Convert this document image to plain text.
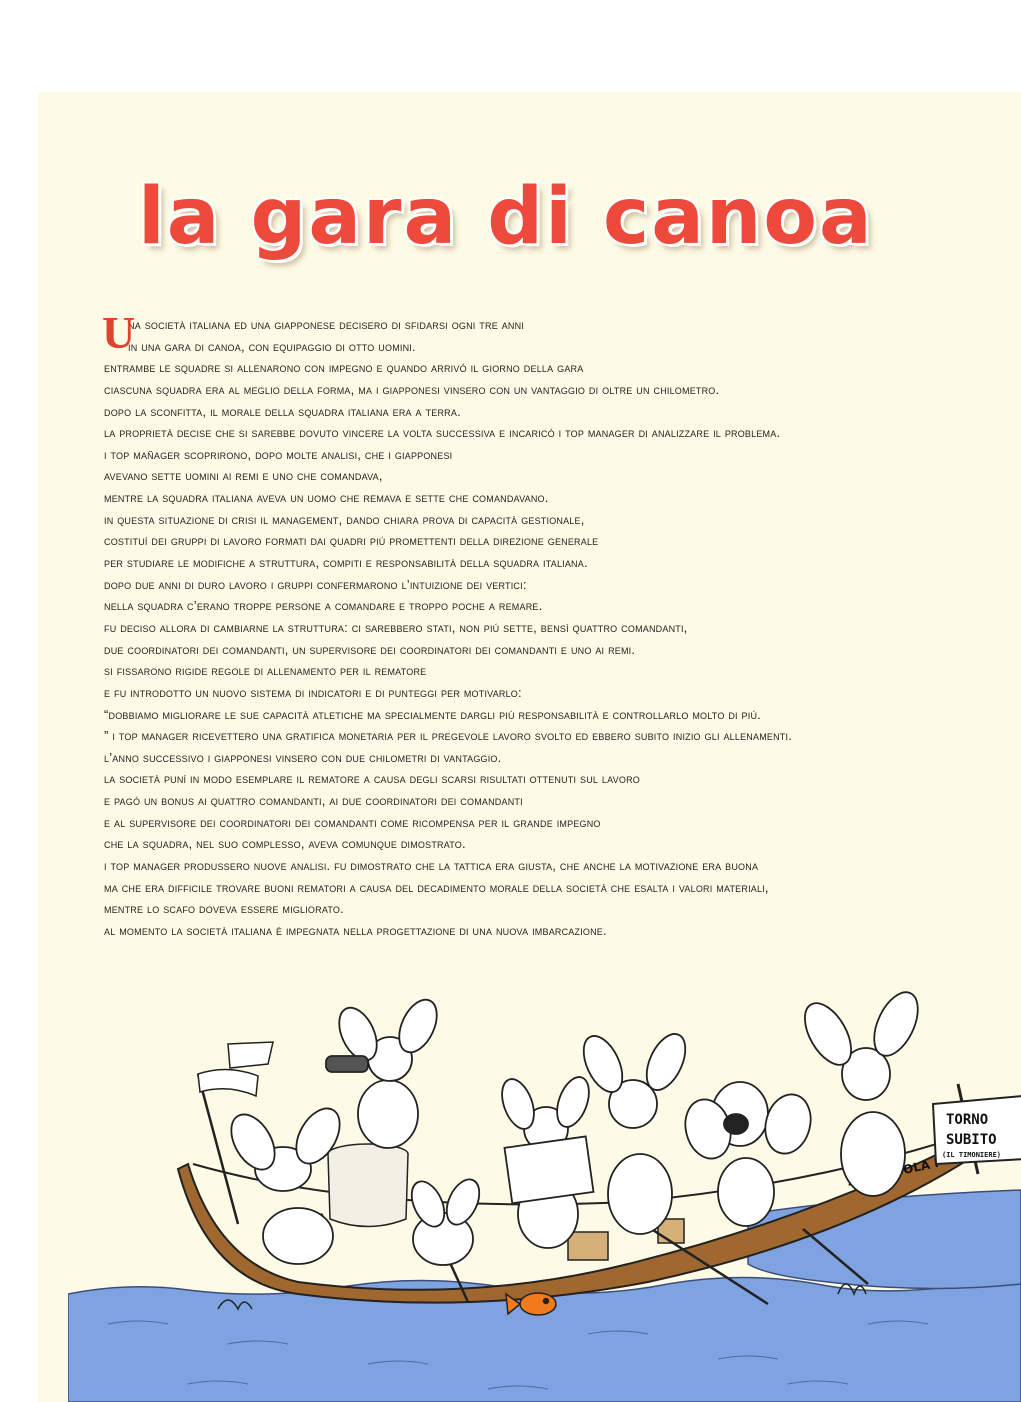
la gara di canoa
U
na società italiana ed una giapponese decisero di sfidarsi ogni tre anni
in una gara di canoa, con equipaggio di otto uomini.
entrambe le squadre si allenarono con impegno e quando arrivó il giorno della gara
ciascuna squadra era al meglio della forma, ma i giapponesi vinsero con un vantaggio di oltre un chilometro.
dopo la sconfitta, il morale della squadra italiana era a terra.
la proprietà decise che si sarebbe dovuto vincere la volta successiva e incaricó i top manager di analizzare il problema.
i top mañager scoprirono, dopo molte analisi, che i giapponesi
avevano sette uomini ai remi e uno che comandava,
mentre la squadra italiana aveva un uomo che remava e sette che comandavano.
in questa situazione di crisi il management, dando chiara prova di capacità gestionale,
costituí dei gruppi di lavoro formati dai quadri piú promettenti della direzione generale
per studiare le modifiche a struttura, compiti e responsabilità della squadra italiana.
dopo due anni di duro lavoro i gruppi confermarono l’intuizione dei vertici:
nella squadra c’erano troppe persone a comandare e troppo poche a remare.
fu deciso allora di cambiarne la struttura: ci sarebbero stati, non piú sette, bensì quattro comandanti,
due coordinatori dei comandanti, un supervisore dei coordinatori dei comandanti e uno ai remi.
si fissarono rigide regole di allenamento per il rematore
e fu introdotto un nuovo sistema di indicatori e di punteggi per motivarlo:
“dobbiamo migliorare le sue capacità atletiche ma specialmente dargli piú responsabilità e controllarlo molto di piú.
” i top manager ricevettero una gratifica monetaria per il pregevole lavoro svolto ed ebbero subito inizio gli allenamenti.
l’anno successivo i giapponesi vinsero con due chilometri di vantaggio.
la società puní in modo esemplare il rematore a causa degli scarsi risultati ottenuti sul lavoro
e pagó un bonus ai quattro comandanti, ai due coordinatori dei comandanti
e al supervisore dei coordinatori dei comandanti come ricompensa per il grande impegno
che la squadra, nel suo complesso, aveva comunque dimostrato.
i top manager produssero nuove analisi. fu dimostrato che la tattica era giusta, che anche la motivazione era buona
ma che era difficile trovare buoni rematori a causa del decadimento morale della società che esalta i valori materiali,
mentre lo scafo doveva essere migliorato.
al momento la società italiana è impegnata nella progettazione di una nuova imbarcazione.
SOLA
TORNO
SUBITO
(IL TIMONIERE)
